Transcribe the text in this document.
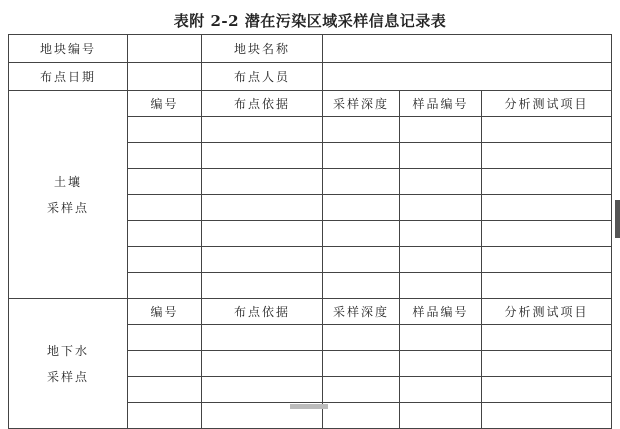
表附 2-2 潜在污染区域采样信息记录表
地块编号		地块名称			
布点日期		布点人员			

土壤
采样点	编号	布点依据	采样深度	样品编号	分析测试项目

地下水
采样点	编号	布点依据	采样深度	样品编号	分析测试项目
